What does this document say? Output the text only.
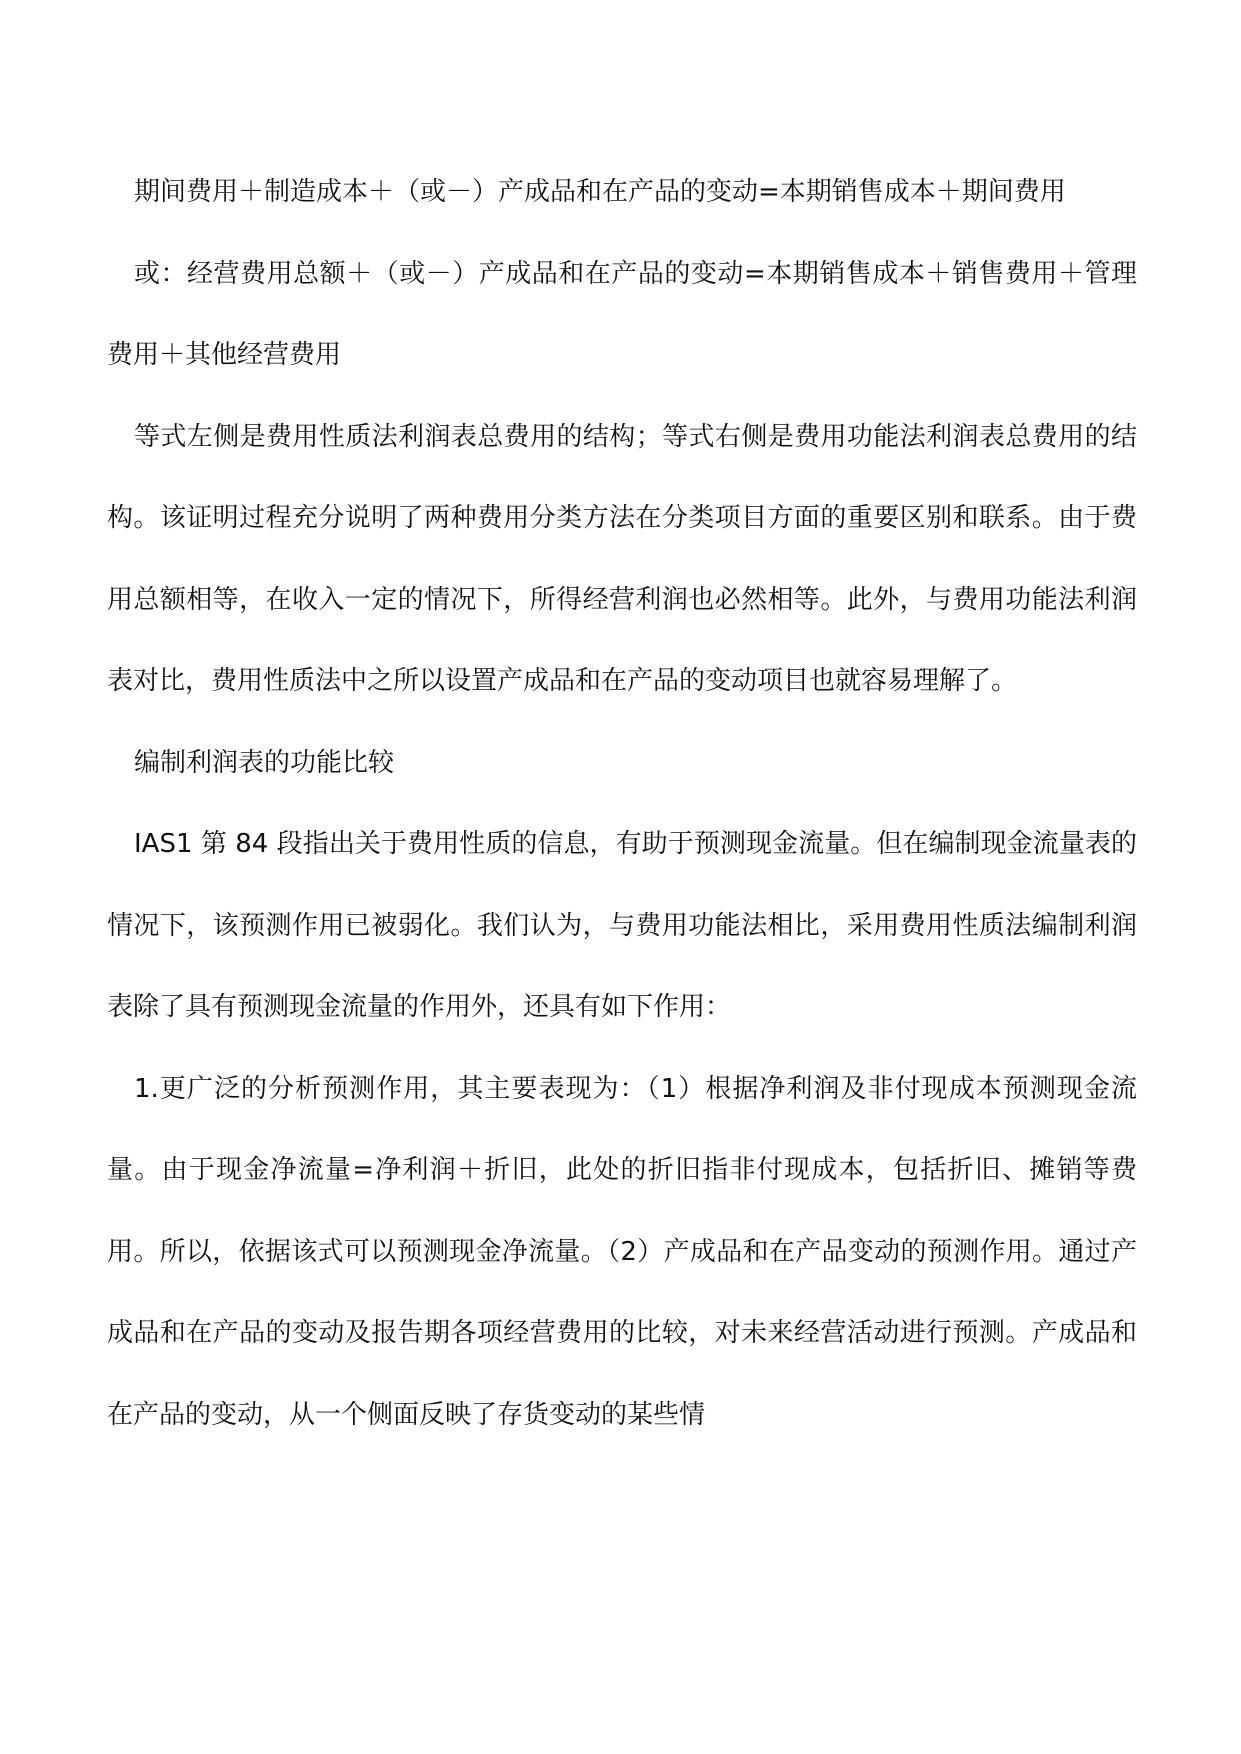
期间费用＋制造成本＋（或－）产成品和在产品的变动=本期销售成本＋期间费用

或：经营费用总额＋（或－）产成品和在产品的变动=本期销售成本＋销售费用＋管理费用＋其他经营费用

等式左侧是费用性质法利润表总费用的结构；等式右侧是费用功能法利润表总费用的结构。该证明过程充分说明了两种费用分类方法在分类项目方面的重要区别和联系。由于费用总额相等，在收入一定的情况下，所得经营利润也必然相等。此外，与费用功能法利润表对比，费用性质法中之所以设置产成品和在产品的变动项目也就容易理解了。

编制利润表的功能比较

IAS1 第 84 段指出关于费用性质的信息，有助于预测现金流量。但在编制现金流量表的情况下，该预测作用已被弱化。我们认为，与费用功能法相比，采用费用性质法编制利润表除了具有预测现金流量的作用外，还具有如下作用：

1.更广泛的分析预测作用，其主要表现为：（1）根据净利润及非付现成本预测现金流量。由于现金净流量=净利润＋折旧，此处的折旧指非付现成本，包括折旧、摊销等费用。所以，依据该式可以预测现金净流量。（2）产成品和在产品变动的预测作用。通过产成品和在产品的变动及报告期各项经营费用的比较，对未来经营活动进行预测。产成品和在产品的变动，从一个侧面反映了存货变动的某些情
